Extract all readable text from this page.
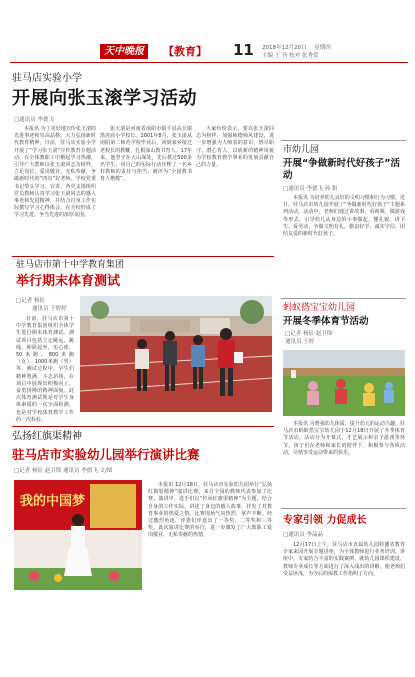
天中晚报	【教育】 11 2018年12月20日 星期四
主编 王 刊 校对 张秀爱
驻马店实验小学
开展向张玉滚学习活动
□通讯员 李德飞
本报讯 为了更好地宣传张玉滚的先进事迹和崇高品格，大力弘扬新时代教育精神，日前，驻马店实验小学开展了“学习张玉滚”宣传教育专题活动，在全体教职工中掀起学习热潮，引导广大教师以张玉滚同志为榜样，立足岗位、爱岗敬业、无私奉献，争做新时代的“四有”好老师。学校党委书记带头学习、宣讲，各党支部组织党员教师认真学习张玉滚同志的感人事迹和先进精神，并结合自身工作实际撰写学习心得体会，在全校形成了学习先进、争当先进的浓厚氛围。
张玉滚是河南省南阳市镇平县高丘镇黑虎庙小学校长。2001年8月，张玉滚从南阳第二师范学校毕业后，回到家乡接过老校长的教鞭，扎根深山教书育人。17年来，他坚守在大山深处，先后教过500多名学生，用自己的实际行动诠释了一名乡村教师的责任与担当，被评为“全国教书育人楷模”。
大家纷纷表示，要以张玉滚同志为榜样，加强师德师风建设，进一步增强为人师表的意识，恪尽职守、潜心育人，以崭新的精神风貌为学校教育教学事业的发展贡献自己的力量。
驻马店市第十中学教育集团
举行期末体育测试
□记者 杨征
通讯员 于婷婷
日前，驻马店市第十中学教育集团组织全体学生进行期末体育测试。测试项目包括立定跳远、跳绳、仰卧起坐、实心球、50米跑、800米跑（女）、1000米跑（男）等。测试过程中，学生们精神饱满、斗志昂扬，在项目中展现出积极向上、奋勇拼搏的精神面貌。此次体育测试既是对学生身体素质的一次全面检测，也是对学校体育教学工作的一次检验。
弘扬红旗渠精神
驻马店市实验幼儿园举行演讲比赛
□记者 杨征 赵卫锋 通讯员 李德飞 文/图
我的中国梦
本报讯 12月18日，驻马店市实验幼儿园举行“弘扬红旗渠精神”演讲比赛。来自全园的教师代表参加了比赛。演讲中，选手们以“传承红旗渠精神”为主题，结合自身的工作实际，讲述了身边的感人故事，抒发了对教育事业的热爱之情。比赛现场气氛热烈，掌声不断。经过激烈角逐，评委们评选出了一等奖、二等奖和三等奖。此次演讲比赛的举行，进一步激发了广大教职工爱岗敬业、无私奉献的热情。
市幼儿园
开展“争做新时代好孩子”活动
□通讯员 李德飞 孙 娟
本报讯 为培养幼儿良好的文明习惯和行为习惯，近日，驻马店市幼儿园开展了“争做新时代好孩子”主题系列活动。活动中，老师们通过讲故事、看视频、做游戏等形式，引导幼儿从身边的小事做起，懂礼貌、讲卫生、爱劳动，争做文明有礼、勤奋好学、诚实守信、团结友爱的新时代好孩子。
蚂蚁搭宝宝幼儿园
开展冬季体育节活动
□记者 杨征 赵卫锋
通讯员 王婷
本报讯 为增强幼儿体质，提升幼儿的运动兴趣，驻马店市蚂蚁搭宝宝幼儿园于12月18日开展了冬季体育节活动。活动分为开幕式、才艺展示和亲子游戏等环节。孩子们在老师和家长的陪伴下，积极参与各项活动，尽情享受运动带来的快乐。
专家引领 力促成长
□通讯员 李晶晶
12月17日上午，驻马店市直属幼儿园特邀省教育专家来园开展专题讲座，为全体教师进行业务培训。讲座中，专家结合丰富的实践案例，就幼儿园课程建设、教师专业成长等方面进行了深入浅出的讲解，使老师们受益匪浅，为今后的保教工作指明了方向。
